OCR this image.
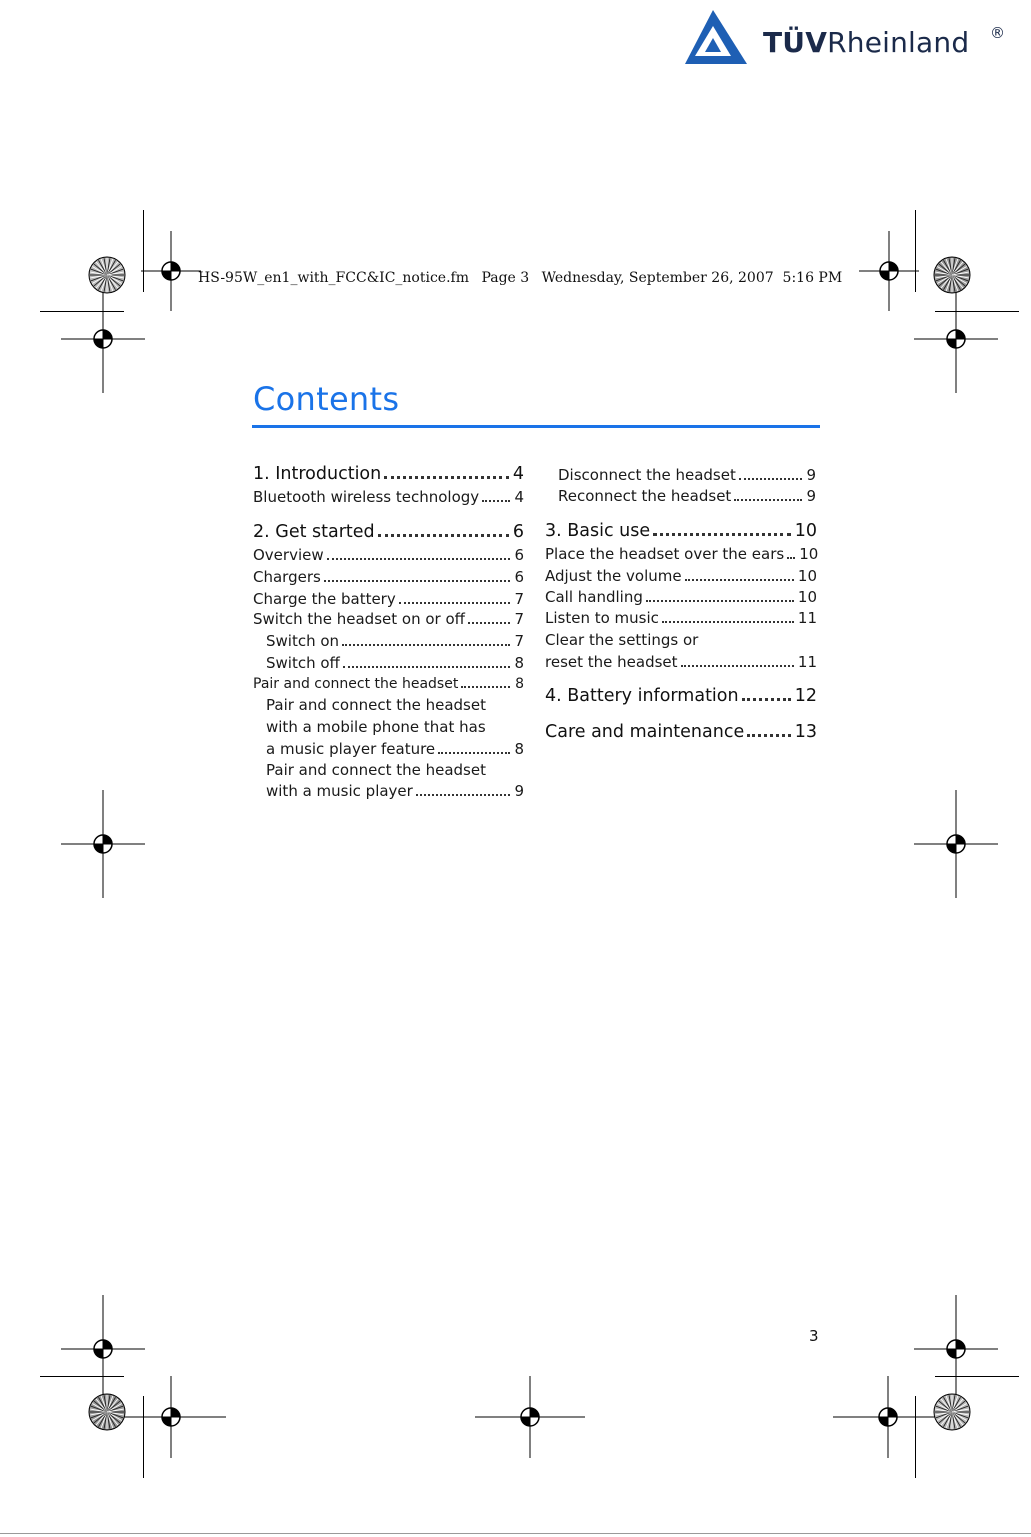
TÜVRheinland ®
HS-95W_en1_with_FCC&IC_notice.fm Page 3 Wednesday, September 26, 2007  5:16 PM
Contents
1. Introduction	4
Bluetooth wireless technology 4
2. Get started	6
Overview	6
Chargers	6
Charge the battery	7
Switch the headset on or off	7
Switch on	7
Switch off	8
Pair and connect the headset	8
Pair and connect the headset
with a mobile phone that has
a music player feature	8
Pair and connect the headset
with a music player	9
Disconnect the headset	9
Reconnect the headset	9
3. Basic use	10
Place the headset over the ears 10
Adjust the volume	10
Call handling	10
Listen to music	11
Clear the settings or
reset the headset	11
4. Battery information	12
Care and maintenance	13
3
